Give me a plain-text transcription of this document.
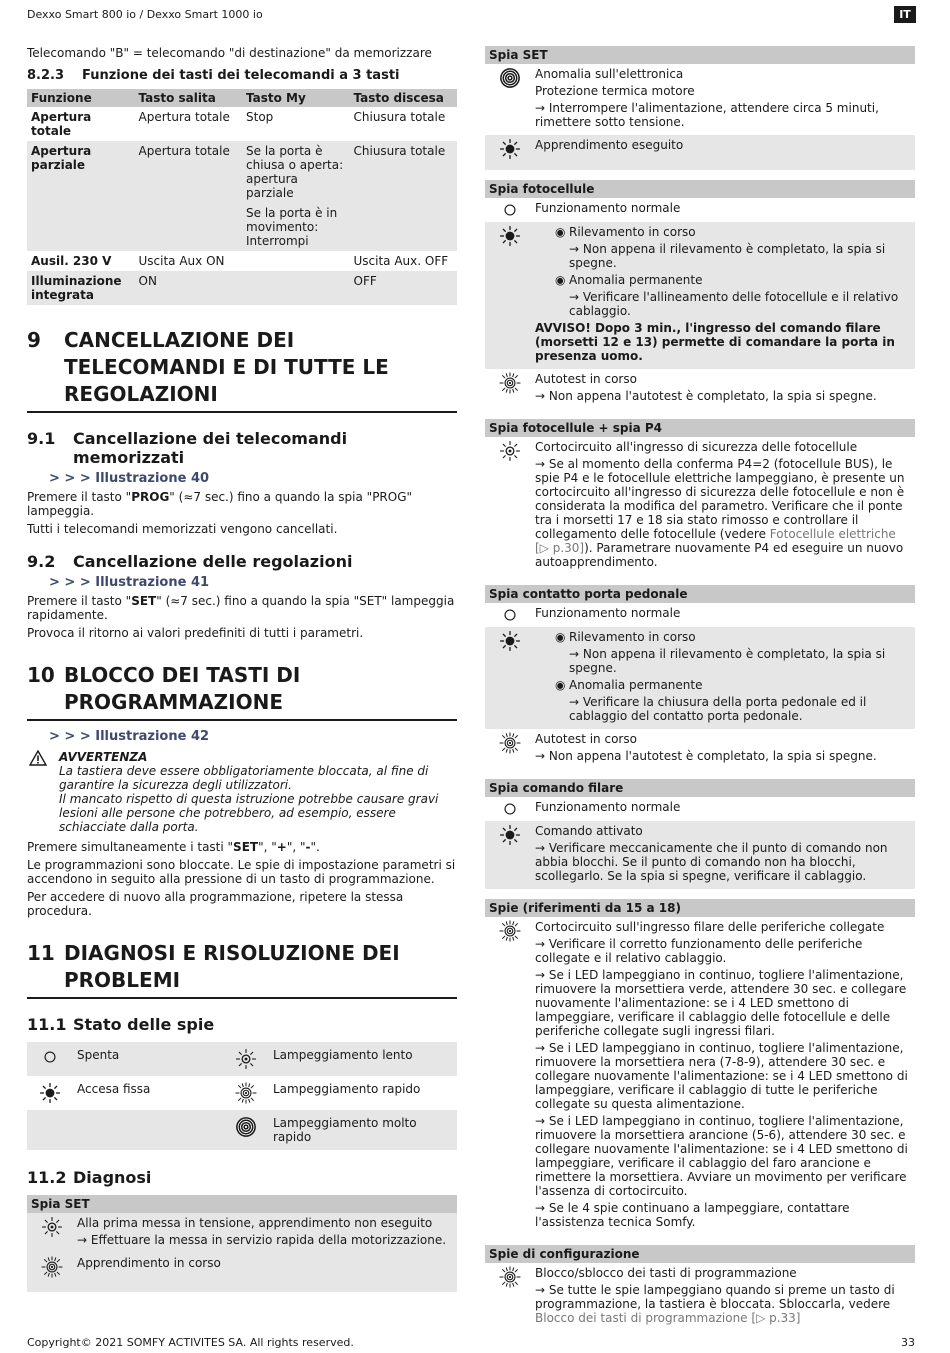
Dexxo Smart 800 io / Dexxo Smart 1000 io	IT

Telecomando "B" = telecomando "di destinazione" da memorizzare

8.2.3 Funzione dei tasti dei telecomandi a 3 tasti
Funzione	Tasto salita	Tasto My	Tasto discesa
Apertura totale	Apertura totale	Stop	Chiusura totale
Apertura parziale	Apertura totale	Se la porta è chiusa o aperta: apertura parziale	Chiusura totale
		Se la porta è in movimento: Interrompi	
Ausil. 230 V	Uscita Aux ON		Uscita Aux. OFF
Illuminazione integrata	ON		OFF
9	CANCELLAZIONE DEI TELECOMANDI E DI TUTTE LE REGOLAZIONI
9.1	Cancellazione dei telecomandi memorizzati
> > > Illustrazione 40

Premere il tasto "PROG" (≈7 sec.) fino a quando la spia "PROG" lampeggia.

Tutti i telecomandi memorizzati vengono cancellati.

9.2	Cancellazione delle regolazioni
> > > Illustrazione 41

Premere il tasto "SET" (≈7 sec.) fino a quando la spia "SET" lampeggia rapidamente.

Provoca il ritorno ai valori predefiniti di tutti i parametri.

10 BLOCCO DEI TASTI DI PROGRAMMAZIONE
> > > Illustrazione 42
AVVERTENZA
La tastiera deve essere obbligatoriamente bloccata, al fine di garantire la sicurezza degli utilizzatori.
Il mancato rispetto di questa istruzione potrebbe causare gravi lesioni alle persone che potrebbero, ad esempio, essere schiacciate dalla porta.

Premere simultaneamente i tasti "SET", "+", "-".

Le programmazioni sono bloccate. Le spie di impostazione parametri si accendono in seguito alla pressione di un tasto di programmazione.

Per accedere di nuovo alla programmazione, ripetere la stessa procedura.

11 DIAGNOSI E RISOLUZIONE DEI PROBLEMI
11.1 Stato delle spie
	Spenta		Lampeggiamento lento
	Accesa fissa		Lampeggiamento rapido
			Lampeggiamento molto rapido
11.2 Diagnosi
Spia SET

Alla prima messa in tensione, apprendimento non eseguito

→ Effettuare la messa in servizio rapida della motorizzazione.

Apprendimento in corso

Spia SET

Anomalia sull'elettronica

Protezione termica motore

→ Interrompere l'alimentazione, attendere circa 5 minuti, rimettere sotto tensione.

Apprendimento eseguito

Spia fotocellule

Funzionamento normale

◉ Rilevamento in corso

→ Non appena il rilevamento è completato, la spia si spegne.

◉ Anomalia permanente

→ Verificare l'allineamento delle fotocellule e il relativo cablaggio.

AVVISO! Dopo 3 min., l'ingresso del comando filare (morsetti 12 e 13) permette di comandare la porta in presenza uomo.

Autotest in corso

→ Non appena l'autotest è completato, la spia si spegne.

Spia fotocellule + spia P4

Cortocircuito all'ingresso di sicurezza delle fotocellule

→ Se al momento della conferma P4=2 (fotocellule BUS), le spie P4 e le fotocellule elettriche lampeggiano, è presente un cortocircuito all'ingresso di sicurezza delle fotocellule e non è considerata la modifica del parametro. Verificare che il ponte tra i morsetti 17 e 18 sia stato rimosso e controllare il collegamento delle fotocellule (vedere Fotocellule elettriche [▷ p.30]). Parametrare nuovamente P4 ed eseguire un nuovo autoapprendimento.

Spia contatto porta pedonale

Funzionamento normale

◉ Rilevamento in corso

→ Non appena il rilevamento è completato, la spia si spegne.

◉ Anomalia permanente

→ Verificare la chiusura della porta pedonale ed il cablaggio del contatto porta pedonale.

Autotest in corso

→ Non appena l'autotest è completato, la spia si spegne.

Spia comando filare

Funzionamento normale

Comando attivato

→ Verificare meccanicamente che il punto di comando non abbia blocchi. Se il punto di comando non ha blocchi, scollegarlo. Se la spia si spegne, verificare il cablaggio.

Spie (riferimenti da 15 a 18)

Cortocircuito sull'ingresso filare delle periferiche collegate

→ Verificare il corretto funzionamento delle periferiche collegate e il relativo cablaggio.

→ Se i LED lampeggiano in continuo, togliere l'alimentazione, rimuovere la morsettiera verde, attendere 30 sec. e collegare nuovamente l'alimentazione: se i 4 LED smettono di lampeggiare, verificare il cablaggio delle fotocellule e delle periferiche collegate sugli ingressi filari.

→ Se i LED lampeggiano in continuo, togliere l'alimentazione, rimuovere la morsettiera nera (7-8-9), attendere 30 sec. e collegare nuovamente l'alimentazione: se i 4 LED smettono di lampeggiare, verificare il cablaggio di tutte le periferiche collegate su questa alimentazione.

→ Se i LED lampeggiano in continuo, togliere l'alimentazione, rimuovere la morsettiera arancione (5-6), attendere 30 sec. e collegare nuovamente l'alimentazione: se i 4 LED smettono di lampeggiare, verificare il cablaggio del faro arancione e rimettere la morsettiera. Avviare un movimento per verificare l'assenza di cortocircuito.

→ Se le 4 spie continuano a lampeggiare, contattare l'assistenza tecnica Somfy.

Spie di configurazione

Blocco/sblocco dei tasti di programmazione

→ Se tutte le spie lampeggiano quando si preme un tasto di programmazione, la tastiera è bloccata. Sbloccarla, vedere Blocco dei tasti di programmazione [▷ p.33]

Copyright© 2021 SOMFY ACTIVITES SA. All rights reserved.	33
